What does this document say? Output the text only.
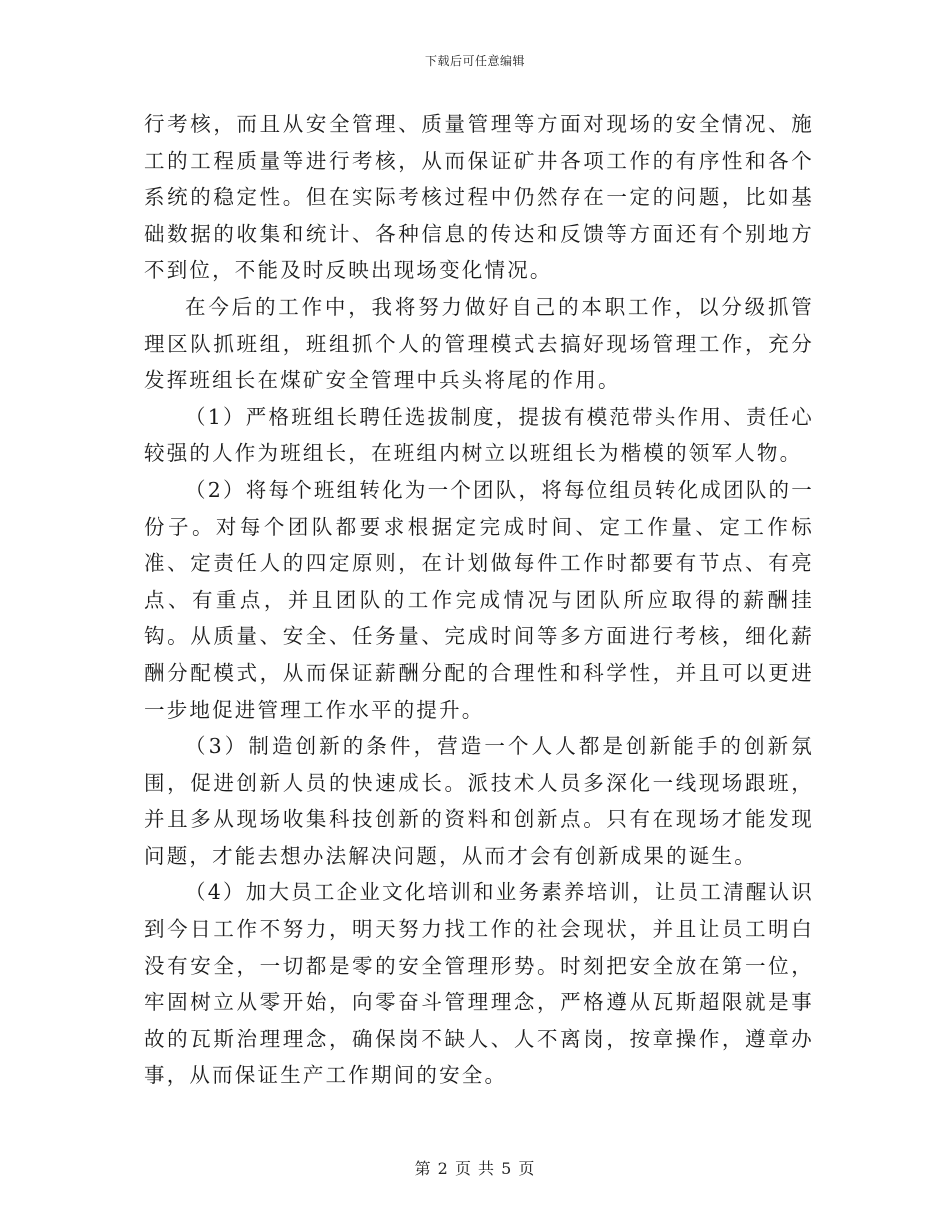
下载后可任意编辑

行考核，而且从安全管理、质量管理等方面对现场的安全情况、施工的工程质量等进行考核，从而保证矿井各项工作的有序性和各个系统的稳定性。但在实际考核过程中仍然存在一定的问题，比如基础数据的收集和统计、各种信息的传达和反馈等方面还有个别地方不到位，不能及时反映出现场变化情况。

在今后的工作中，我将努力做好自己的本职工作，以分级抓管理区队抓班组，班组抓个人的管理模式去搞好现场管理工作，充分发挥班组长在煤矿安全管理中兵头将尾的作用。

（1）严格班组长聘任选拔制度，提拔有模范带头作用、责任心较强的人作为班组长，在班组内树立以班组长为楷模的领军人物。

（2）将每个班组转化为一个团队，将每位组员转化成团队的一份子。对每个团队都要求根据定完成时间、定工作量、定工作标准、定责任人的四定原则，在计划做每件工作时都要有节点、有亮点、有重点，并且团队的工作完成情况与团队所应取得的薪酬挂钩。从质量、安全、任务量、完成时间等多方面进行考核，细化薪酬分配模式，从而保证薪酬分配的合理性和科学性，并且可以更进一步地促进管理工作水平的提升。

（3）制造创新的条件，营造一个人人都是创新能手的创新氛围，促进创新人员的快速成长。派技术人员多深化一线现场跟班，并且多从现场收集科技创新的资料和创新点。只有在现场才能发现问题，才能去想办法解决问题，从而才会有创新成果的诞生。

（4）加大员工企业文化培训和业务素养培训，让员工清醒认识到今日工作不努力，明天努力找工作的社会现状，并且让员工明白没有安全，一切都是零的安全管理形势。时刻把安全放在第一位，牢固树立从零开始，向零奋斗管理理念，严格遵从瓦斯超限就是事故的瓦斯治理理念，确保岗不缺人、人不离岗，按章操作，遵章办事，从而保证生产工作期间的安全。

第 2 页 共 5 页
